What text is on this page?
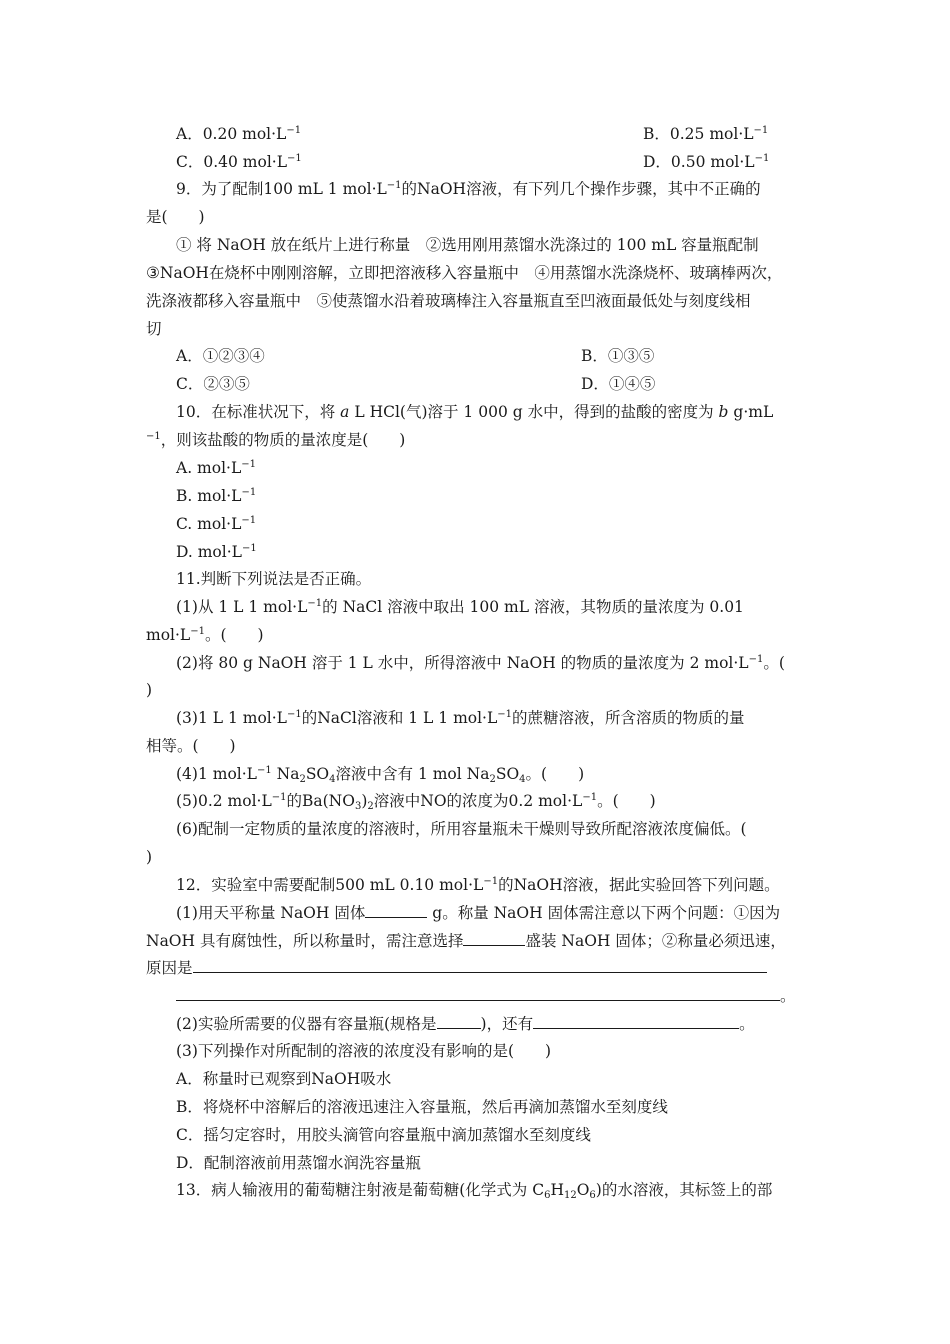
A．0.20 $mol\cdot L^{-1}$	B．0.25 $mol\cdot L^{-1}$
C．0.40 $mol\cdot L^{-1}$	D．0.50 $mol\cdot L^{-1}$
9．为了配制100 mL 1 $mol\cdot L^{-1}$的NaOH溶液，有下列几个操作步骤，其中不正确的
是(　　)
① 将 NaOH 放在纸片上进行称量　②选用刚用蒸馏水洗涤过的 100 mL 容量瓶配制
③NaOH在烧杯中刚刚溶解，立即把溶液移入容量瓶中　④用蒸馏水洗涤烧杯、玻璃棒两次，
洗涤液都移入容量瓶中　⑤使蒸馏水沿着玻璃棒注入容量瓶直至凹液面最低处与刻度线相
切
A．①②③④	B．①③⑤
C．②③⑤	D．①④⑤
10．在标准状况下，将 a L HCl(气)溶于 1 000 g 水中，得到的盐酸的密度为 b g·mL
$^{-1}$，则该盐酸的物质的量浓度是(　　)
A. $mol\cdot L^{-1}$
B. $mol\cdot L^{-1}$
C. $mol\cdot L^{-1}$
D. $mol\cdot L^{-1}$
11.判断下列说法是否正确。
(1)从 1 L 1 $mol\cdot L^{-1}$的 NaCl 溶液中取出 100 mL 溶液，其物质的量浓度为 0.01
$mol\cdot L^{-1}$。(　　)
(2)将 80 g NaOH 溶于 1 L 水中，所得溶液中 NaOH 的物质的量浓度为 2 $mol\cdot L^{-1}$。(
)
(3)1 L 1 $mol\cdot L^{-1}$的NaCl溶液和 1 L 1 $mol\cdot L^{-1}$的蔗糖溶液，所含溶质的物质的量
相等。(　　)
(4)1 $mol\cdot L^{-1}$ Na2SO4溶液中含有 1 mol Na2SO4。(　　)
(5)0.2 $mol\cdot L^{-1}$的Ba(NO3)2溶液中NO的浓度为0.2 $mol\cdot L^{-1}$。(　　)
(6)配制一定物质的量浓度的溶液时，所用容量瓶未干燥则导致所配溶液浓度偏低。(
)
12．实验室中需要配制500 mL 0.10 $mol\cdot L^{-1}$的NaOH溶液，据此实验回答下列问题。
(1)用天平称量 NaOH 固体	g。称量 NaOH 固体需注意以下两个问题：①因为
NaOH 具有腐蚀性，所以称量时，需注意选择	盛装 NaOH 固体；②称量必须迅速，
原因是
。
(2)实验所需要的仪器有容量瓶(规格是	)，还有	。
(3)下列操作对所配制的溶液的浓度没有影响的是(　　)
A．称量时已观察到NaOH吸水
B．将烧杯中溶解后的溶液迅速注入容量瓶，然后再滴加蒸馏水至刻度线
C．摇匀定容时，用胶头滴管向容量瓶中滴加蒸馏水至刻度线
D．配制溶液前用蒸馏水润洗容量瓶
13．病人输液用的葡萄糖注射液是葡萄糖(化学式为 C6H12O6)的水溶液，其标签上的部
